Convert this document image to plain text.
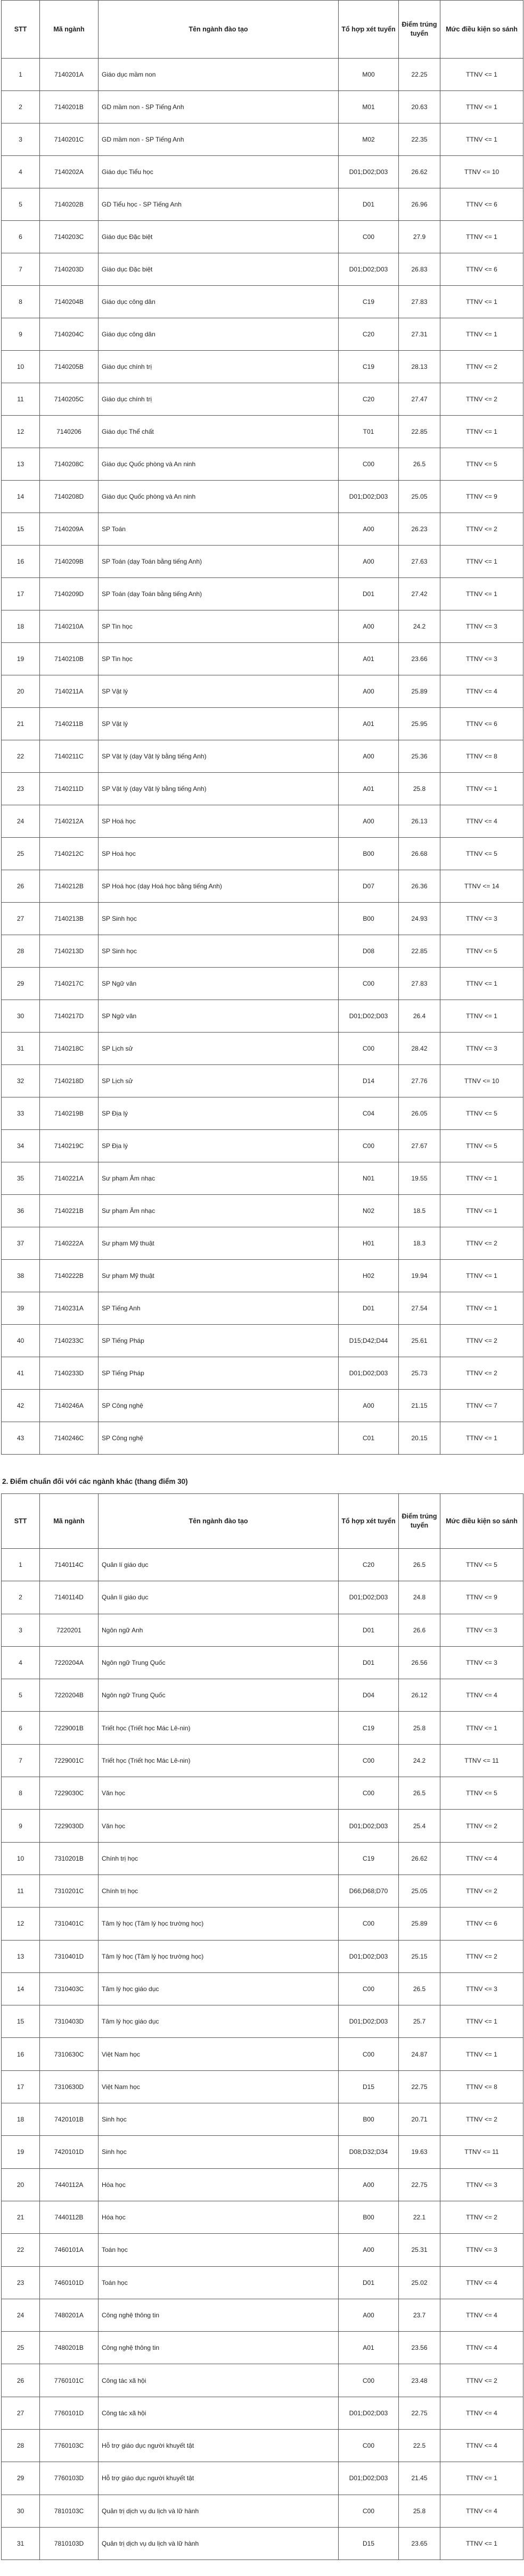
STT	Mã ngành	Tên ngành đào tạo	Tổ hợp xét tuyển	Điểm trúng tuyển	Mức điều kiện so sánh
1	7140201A	Giáo dục mầm non	M00	22.25	TTNV <= 1
2	7140201B	GD mầm non - SP Tiếng Anh	M01	20.63	TTNV <= 1
3	7140201C	GD mầm non - SP Tiếng Anh	M02	22.35	TTNV <= 1
4	7140202A	Giáo dục Tiểu học	D01;D02;D03	26.62	TTNV <= 10
5	7140202B	GD Tiểu học - SP Tiếng Anh	D01	26.96	TTNV <= 6
6	7140203C	Giáo dục Đặc biệt	C00	27.9	TTNV <= 1
7	7140203D	Giáo dục Đặc biệt	D01;D02;D03	26.83	TTNV <= 6
8	7140204B	Giáo dục công dân	C19	27.83	TTNV <= 1
9	7140204C	Giáo dục công dân	C20	27.31	TTNV <= 1
10	7140205B	Giáo dục chính trị	C19	28.13	TTNV <= 2
11	7140205C	Giáo dục chính trị	C20	27.47	TTNV <= 2
12	7140206	Giáo dục Thể chất	T01	22.85	TTNV <= 1
13	7140208C	Giáo dục Quốc phòng và An ninh	C00	26.5	TTNV <= 5
14	7140208D	Giáo dục Quốc phòng và An ninh	D01;D02;D03	25.05	TTNV <= 9
15	7140209A	SP Toán	A00	26.23	TTNV <= 2
16	7140209B	SP Toán (dạy Toán bằng tiếng Anh)	A00	27.63	TTNV <= 1
17	7140209D	SP Toán (dạy Toán bằng tiếng Anh)	D01	27.42	TTNV <= 1
18	7140210A	SP Tin học	A00	24.2	TTNV <= 3
19	7140210B	SP Tin học	A01	23.66	TTNV <= 3
20	7140211A	SP Vật lý	A00	25.89	TTNV <= 4
21	7140211B	SP Vật lý	A01	25.95	TTNV <= 6
22	7140211C	SP Vật lý (dạy Vật lý bằng tiếng Anh)	A00	25.36	TTNV <= 8
23	7140211D	SP Vật lý (dạy Vật lý bằng tiếng Anh)	A01	25.8	TTNV <= 1
24	7140212A	SP Hoá học	A00	26.13	TTNV <= 4
25	7140212C	SP Hoá học	B00	26.68	TTNV <= 5
26	7140212B	SP Hoá học (dạy Hoá học bằng tiếng Anh)	D07	26.36	TTNV <= 14
27	7140213B	SP Sinh học	B00	24.93	TTNV <= 3
28	7140213D	SP Sinh học	D08	22.85	TTNV <= 5
29	7140217C	SP Ngữ văn	C00	27.83	TTNV <= 1
30	7140217D	SP Ngữ văn	D01;D02;D03	26.4	TTNV <= 1
31	7140218C	SP Lịch sử	C00	28.42	TTNV <= 3
32	7140218D	SP Lịch sử	D14	27.76	TTNV <= 10
33	7140219B	SP Địa lý	C04	26.05	TTNV <= 5
34	7140219C	SP Địa lý	C00	27.67	TTNV <= 5
35	7140221A	Sư phạm Âm nhạc	N01	19.55	TTNV <= 1
36	7140221B	Sư phạm Âm nhạc	N02	18.5	TTNV <= 1
37	7140222A	Sư phạm Mỹ thuật	H01	18.3	TTNV <= 2
38	7140222B	Sư phạm Mỹ thuật	H02	19.94	TTNV <= 1
39	7140231A	SP Tiếng Anh	D01	27.54	TTNV <= 1
40	7140233C	SP Tiếng Pháp	D15;D42;D44	25.61	TTNV <= 2
41	7140233D	SP Tiếng Pháp	D01;D02;D03	25.73	TTNV <= 2
42	7140246A	SP Công nghệ	A00	21.15	TTNV <= 7
43	7140246C	SP Công nghệ	C01	20.15	TTNV <= 1
2. Điểm chuẩn đối với các ngành khác (thang điểm 30)
STT	Mã ngành	Tên ngành đào tạo	Tổ hợp xét tuyển	Điểm trúng tuyển	Mức điều kiện so sánh
1	7140114C	Quản lí giáo dục	C20	26.5	TTNV <= 5
2	7140114D	Quản lí giáo dục	D01;D02;D03	24.8	TTNV <= 9
3	7220201	Ngôn ngữ Anh	D01	26.6	TTNV <= 3
4	7220204A	Ngôn ngữ Trung Quốc	D01	26.56	TTNV <= 3
5	7220204B	Ngôn ngữ Trung Quốc	D04	26.12	TTNV <= 4
6	7229001B	Triết học (Triết học Mác Lê-nin)	C19	25.8	TTNV <= 1
7	7229001C	Triết học (Triết học Mác Lê-nin)	C00	24.2	TTNV <= 11
8	7229030C	Văn học	C00	26.5	TTNV <= 5
9	7229030D	Văn học	D01;D02;D03	25.4	TTNV <= 2
10	7310201B	Chính trị học	C19	26.62	TTNV <= 4
11	7310201C	Chính trị học	D66;D68;D70	25.05	TTNV <= 2
12	7310401C	Tâm lý học (Tâm lý học trường học)	C00	25.89	TTNV <= 6
13	7310401D	Tâm lý học (Tâm lý học trường học)	D01;D02;D03	25.15	TTNV <= 2
14	7310403C	Tâm lý học giáo dục	C00	26.5	TTNV <= 3
15	7310403D	Tâm lý học giáo dục	D01;D02;D03	25.7	TTNV <= 1
16	7310630C	Việt Nam học	C00	24.87	TTNV <= 1
17	7310630D	Việt Nam học	D15	22.75	TTNV <= 8
18	7420101B	Sinh học	B00	20.71	TTNV <= 2
19	7420101D	Sinh học	D08;D32;D34	19.63	TTNV <= 11
20	7440112A	Hóa học	A00	22.75	TTNV <= 3
21	7440112B	Hóa học	B00	22.1	TTNV <= 2
22	7460101A	Toán học	A00	25.31	TTNV <= 3
23	7460101D	Toán học	D01	25.02	TTNV <= 4
24	7480201A	Công nghệ thông tin	A00	23.7	TTNV <= 4
25	7480201B	Công nghệ thông tin	A01	23.56	TTNV <= 4
26	7760101C	Công tác xã hội	C00	23.48	TTNV <= 2
27	7760101D	Công tác xã hội	D01;D02;D03	22.75	TTNV <= 4
28	7760103C	Hỗ trợ giáo dục người khuyết tật	C00	22.5	TTNV <= 4
29	7760103D	Hỗ trợ giáo dục người khuyết tật	D01;D02;D03	21.45	TTNV <= 1
30	7810103C	Quản trị dịch vụ du lịch và lữ hành	C00	25.8	TTNV <= 4
31	7810103D	Quản trị dịch vụ du lịch và lữ hành	D15	23.65	TTNV <= 1
